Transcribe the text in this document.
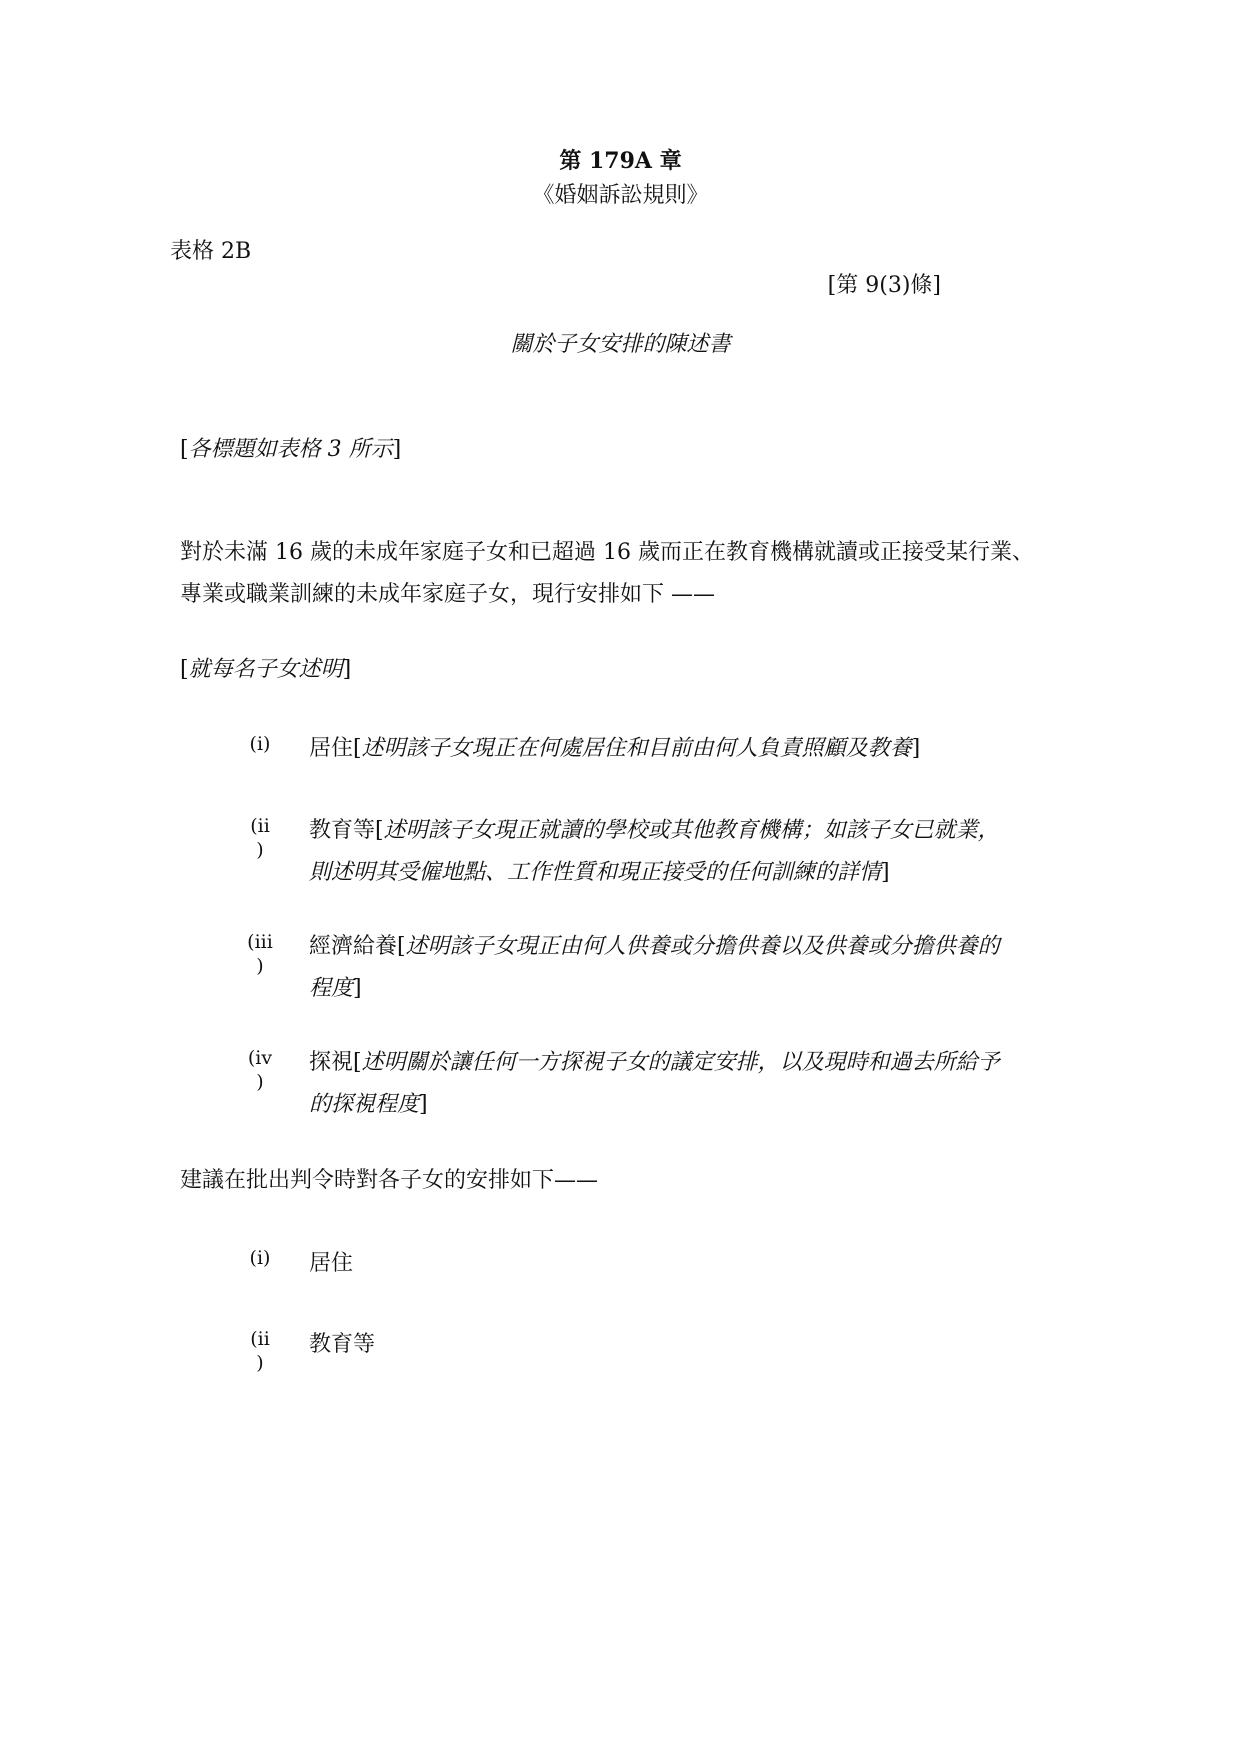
第 179A 章
《婚姻訴訟規則》
表格 2B
[第 9(3)條]
關於子女安排的陳述書
[各標題如表格 3 所示]
對於未滿 16 歲的未成年家庭子女和已超過 16 歲而正在教育機構就讀或正接受某行業、
專業或職業訓練的未成年家庭子女，現行安排如下 ——
[就每名子女述明]
(i)	居住[述明該子女現正在何處居住和目前由何人負責照顧及教養]
(ii
)
教育等[述明該子女現正就讀的學校或其他教育機構；如該子女已就業，
則述明其受僱地點、工作性質和現正接受的任何訓練的詳情]
(iii
)
經濟給養[述明該子女現正由何人供養或分擔供養以及供養或分擔供養的
程度]
(iv
)
探視[述明關於讓任何一方探視子女的議定安排，以及現時和過去所給予
的探視程度]
建議在批出判令時對各子女的安排如下——
(i)	居住
(ii
)
教育等
